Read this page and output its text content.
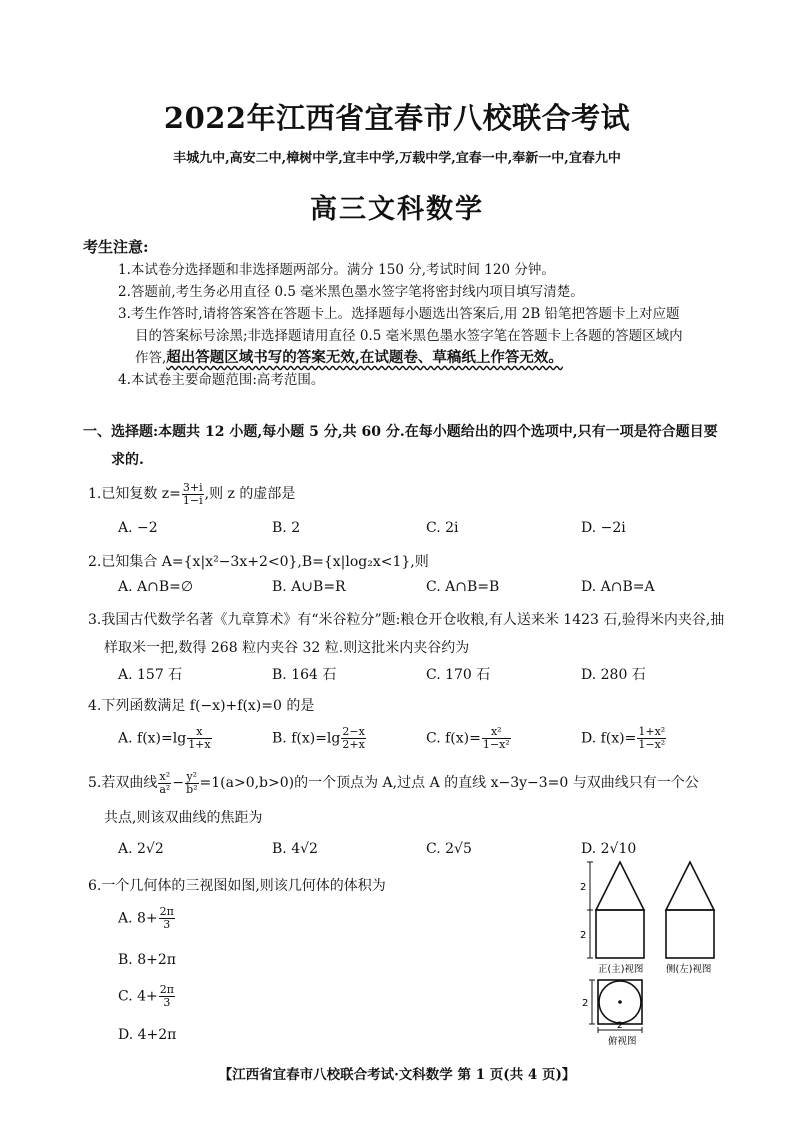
2022年江西省宜春市八校联合考试
丰城九中,高安二中,樟树中学,宜丰中学,万载中学,宜春一中,奉新一中,宜春九中
高三文科数学
考生注意:
1.本试卷分选择题和非选择题两部分。满分 150 分,考试时间 120 分钟。
2.答题前,考生务必用直径 0.5 毫米黑色墨水签字笔将密封线内项目填写清楚。
3.考生作答时,请将答案答在答题卡上。选择题每小题选出答案后,用 2B 铅笔把答题卡上对应题
目的答案标号涂黑;非选择题请用直径 0.5 毫米黑色墨水签字笔在答题卡上各题的答题区域内
作答,超出答题区域书写的答案无效,在试题卷、草稿纸上作答无效。
4.本试卷主要命题范围:高考范围。
一、选择题:本题共 12 小题,每小题 5 分,共 60 分.在每小题给出的四个选项中,只有一项是符合题目要
求的.
1.已知复数 $z= \frac{3+i}{1-i}$ ,则 z 的虚部是
A. −2	B. 2	C. 2i	D. −2i
2.已知集合 A={x|x²−3x+2<0},B={x|log₂x<1},则
A. A∩B=∅	B. A∪B=R	C. A∩B=B	D. A∩B=A
3.我国古代数学名著《九章算术》有“米谷粒分”题:粮仓开仓收粮,有人送来米 1423 石,验得米内夹谷,抽
样取米一把,数得 268 粒内夹谷 32 粒.则这批米内夹谷约为
A. 157 石	B. 164 石	C. 170 石	D. 280 石
4.下列函数满足 f(−x)+f(x)=0 的是
A. $f(x)=\lg \frac{x}{1+x}$	B. $f(x)=\lg \frac{2-x}{2+x}$	C. $f(x)= \frac{\text{x²}}{\text{1−x²}}$	D. $f(x)= \frac{\text{1+x²}}{\text{1−x²}}$
5.若双曲线 $\frac{\text{x²}}{\text{a²}} - \frac{\text{y²}}{\text{b²}} =1(a>0,b>0)$的一个顶点为 A,过点 A 的直线 x−3y−3=0 与双曲线只有一个公
共点,则该双曲线的焦距为
A. 2√2	B. 4√2	C. 2√5	D. 2√10
6.一个几何体的三视图如图,则该几何体的体积为
A. $8+ \frac{2\pi}{3}$
B. 8+2π
C. $4+ \frac{2\pi}{3}$
D. 4+2π
2
2
正(主)视图 侧(左)视图
2
2
俯视图
【江西省宜春市八校联合考试·文科数学 第 1 页(共 4 页)】
